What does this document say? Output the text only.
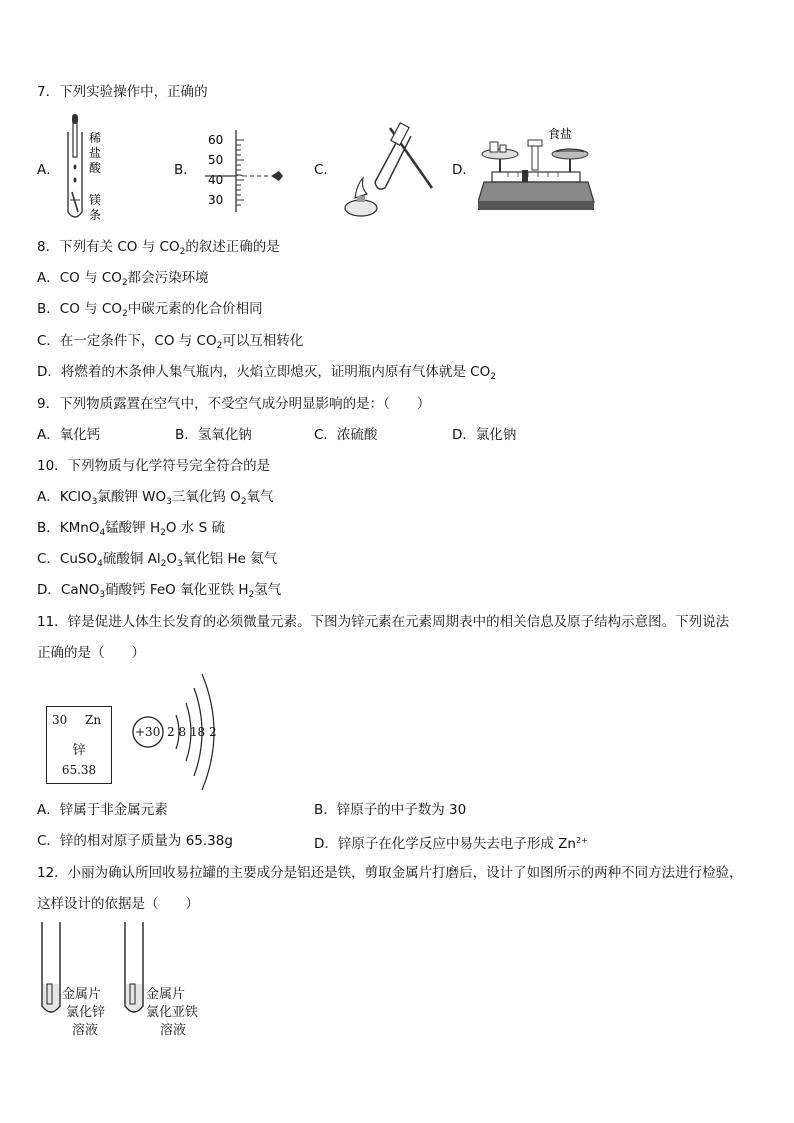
7．下列实验操作中，正确的
A．
稀
盐
酸
镁
条
B．
60
50
40
30
C．	D．
食盐
8．下列有关 CO 与 $CO_2$的叙述正确的是
A．CO 与 $CO_2$都会污染环境
B．CO 与 $CO_2$中碳元素的化合价相同
C．在一定条件下，CO 与 $CO_2$可以互相转化
D．将燃着的木条伸人集气瓶内，火焰立即熄灭，证明瓶内原有气体就是 $CO_2$
9．下列物质露置在空气中，不受空气成分明显影响的是：（　　）
A．氧化钙	B．氢氧化钠	C．浓硫酸	D．氯化钠
10．下列物质与化学符号完全符合的是
A．KClO$_3$氯酸钾 $WO_3$三氧化钨 $O_2$氧气
B．KMnO$_4$锰酸钾 $H_2O$ 水 S 硫
C．CuSO$_4$硫酸铜 $Al_2O_3$氧化铝 He 氦气
D．CaNO$_3$硝酸钙 FeO 氧化亚铁 $H_2$氢气
11．锌是促进人体生长发育的必须微量元素。下图为锌元素在元素周期表中的相关信息及原子结构示意图。下列说法
正确的是（　　）
30 Zn
锌
65.38
+30 2 8 18 2
A．锌属于非金属元素	B．锌原子的中子数为 30
C．锌的相对原子质量为 65.38g	D．锌原子在化学反应中易失去电子形成 $Zn^{2+}$
12．小丽为确认所回收易拉罐的主要成分是铝还是铁，剪取金属片打磨后，设计了如图所示的两种不同方法进行检验，
这样设计的依据是（　　）
金属片
氯化锌
溶液
金属片
氯化亚铁
溶液
